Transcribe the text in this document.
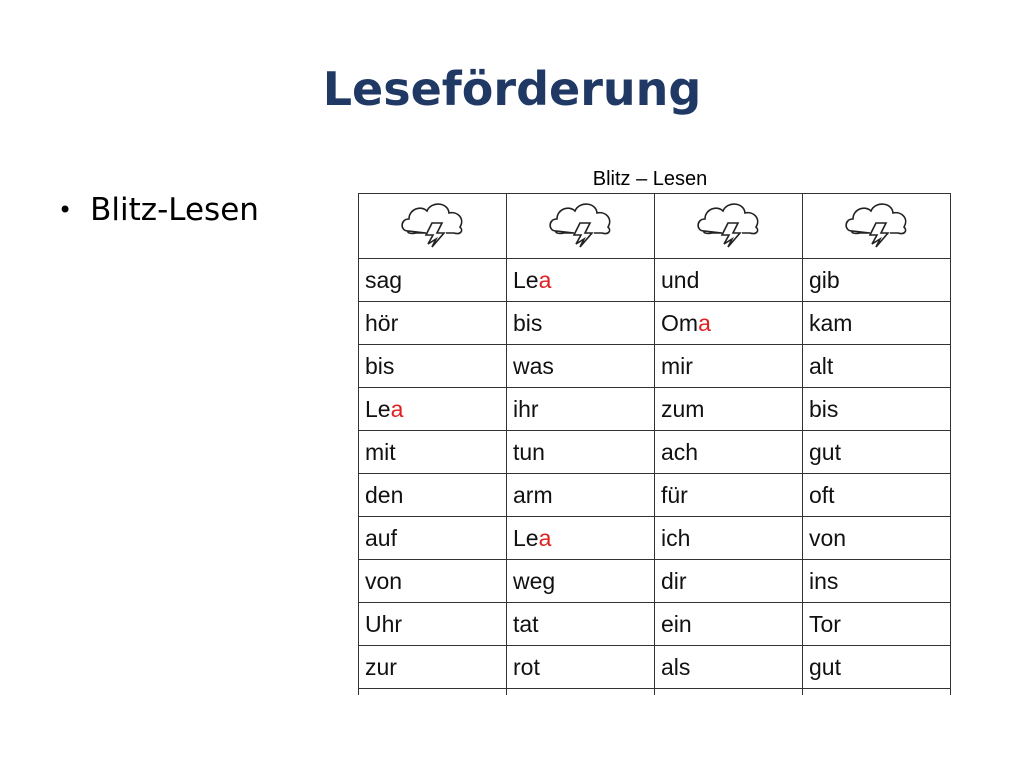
Leseförderung
• Blitz-Lesen
Blitz – Lesen

sag	Lea	und	gib
hör	bis	Oma	kam
bis	was	mir	alt
Lea	ihr	zum	bis
mit	tun	ach	gut
den	arm	für	oft
auf	Lea	ich	von
von	weg	dir	ins
Uhr	tat	ein	Tor
zur	rot	als	gut
